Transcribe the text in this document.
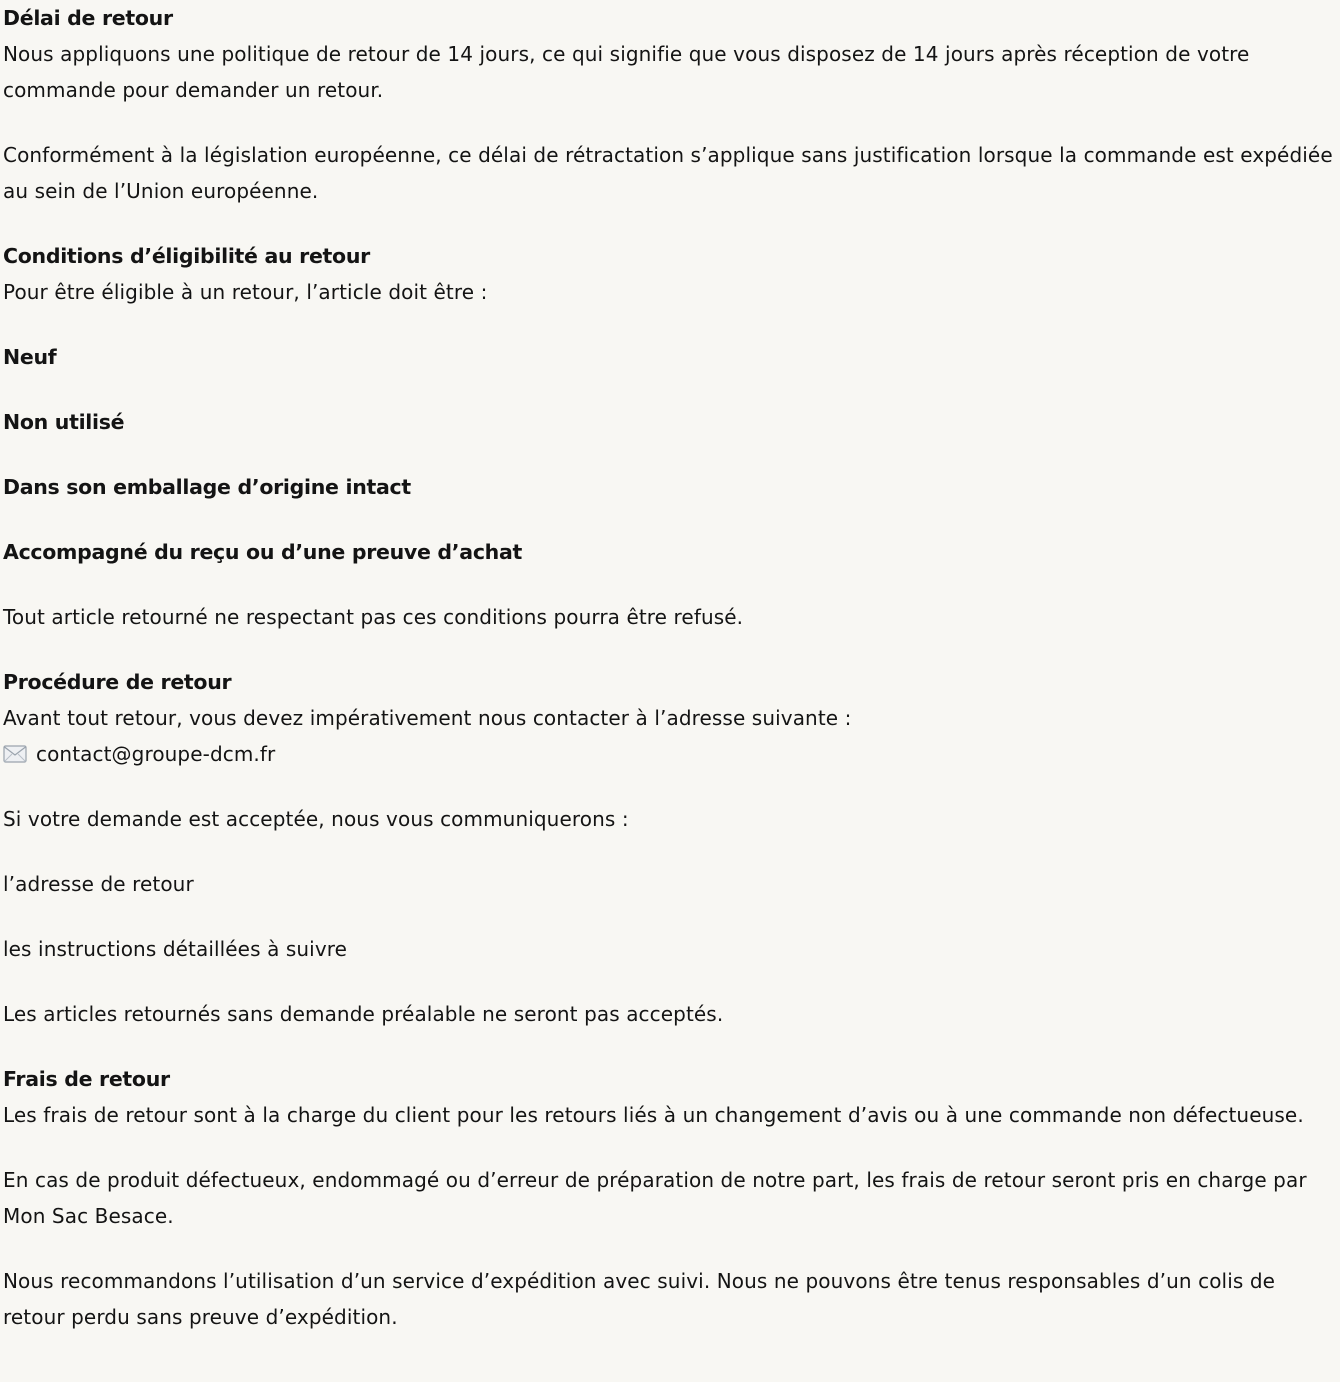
Délai de retour

Nous appliquons une politique de retour de 14 jours, ce qui signifie que vous disposez de 14 jours après réception de votre commande pour demander un retour.

Conformément à la législation européenne, ce délai de rétractation s’applique sans justification lorsque la commande est expédiée au sein de l’Union européenne.

Conditions d’éligibilité au retour

Pour être éligible à un retour, l’article doit être :

Neuf

Non utilisé

Dans son emballage d’origine intact

Accompagné du reçu ou d’une preuve d’achat

Tout article retourné ne respectant pas ces conditions pourra être refusé.

Procédure de retour

Avant tout retour, vous devez impérativement nous contacter à l’adresse suivante :

contact@groupe-dcm.fr

Si votre demande est acceptée, nous vous communiquerons :

l’adresse de retour

les instructions détaillées à suivre

Les articles retournés sans demande préalable ne seront pas acceptés.

Frais de retour

Les frais de retour sont à la charge du client pour les retours liés à un changement d’avis ou à une commande non défectueuse.

En cas de produit défectueux, endommagé ou d’erreur de préparation de notre part, les frais de retour seront pris en charge par Mon Sac Besace.

Nous recommandons l’utilisation d’un service d’expédition avec suivi. Nous ne pouvons être tenus responsables d’un colis de retour perdu sans preuve d’expédition.
